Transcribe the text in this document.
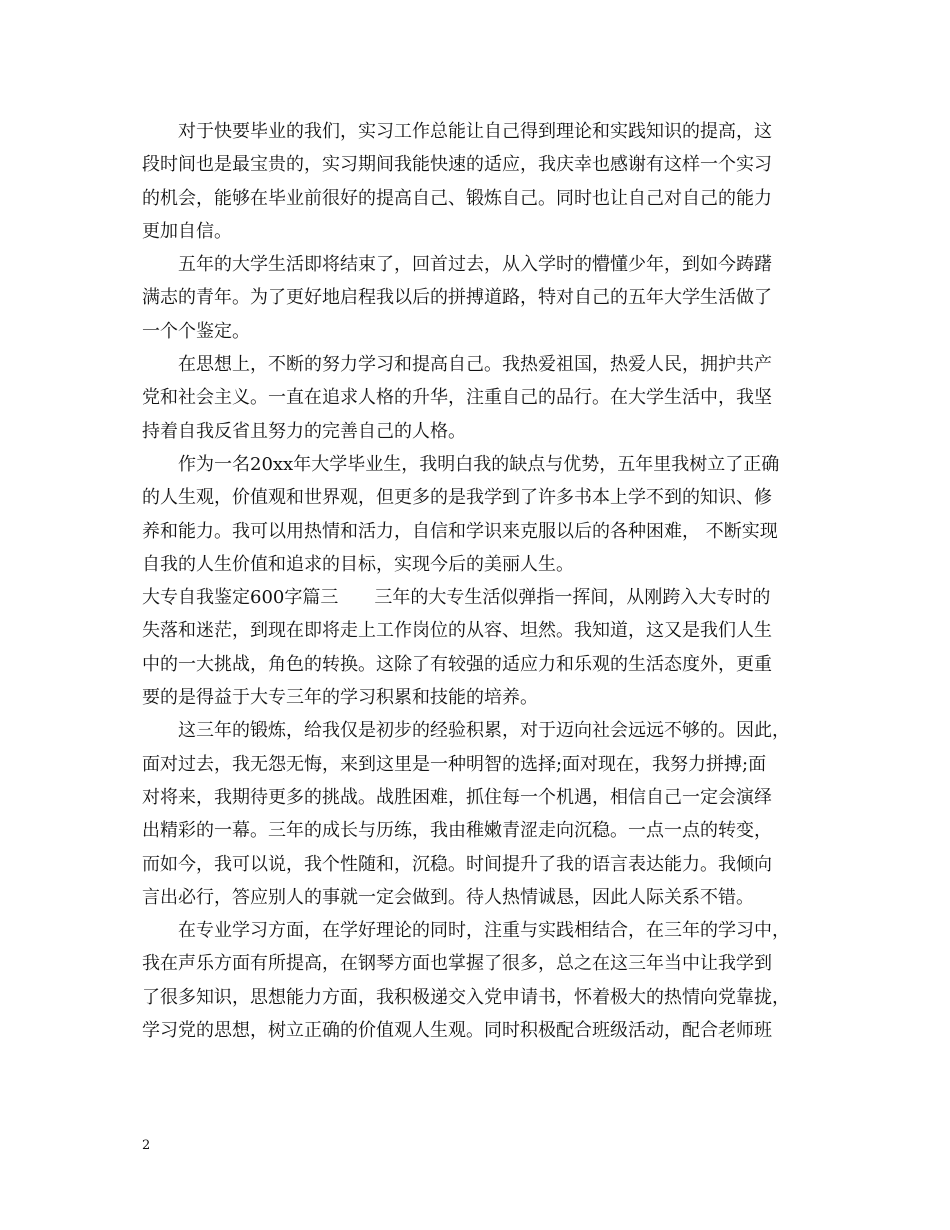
对于快要毕业的我们，实习工作总能让自己得到理论和实践知识的提高，这
段时间也是最宝贵的，实习期间我能快速的适应，我庆幸也感谢有这样一个实习
的机会，能够在毕业前很好的提高自己、锻炼自己。同时也让自己对自己的能力
更加自信。
五年的大学生活即将结束了，回首过去，从入学时的懵懂少年，到如今踌躇
满志的青年。为了更好地启程我以后的拼搏道路，特对自己的五年大学生活做了
一个个鉴定。
在思想上，不断的努力学习和提高自己。我热爱祖国，热爱人民，拥护共产
党和社会主义。一直在追求人格的升华，注重自己的品行。在大学生活中，我坚
持着自我反省且努力的完善自己的人格。
作为一名20xx年大学毕业生，我明白我的缺点与优势，五年里我树立了正确
的人生观，价值观和世界观，但更多的是我学到了许多书本上学不到的知识、修
养和能力。我可以用热情和活力，自信和学识来克服以后的各种困难， 不断实现
自我的人生价值和追求的目标，实现今后的美丽人生。
大专自我鉴定600字篇三　　三年的大专生活似弹指一挥间，从刚跨入大专时的
失落和迷茫，到现在即将走上工作岗位的从容、坦然。我知道，这又是我们人生
中的一大挑战，角色的转换。这除了有较强的适应力和乐观的生活态度外，更重
要的是得益于大专三年的学习积累和技能的培养。
这三年的锻炼，给我仅是初步的经验积累，对于迈向社会远远不够的。因此，
面对过去，我无怨无悔，来到这里是一种明智的选择;面对现在，我努力拼搏;面
对将来，我期待更多的挑战。战胜困难，抓住每一个机遇，相信自己一定会演绎
出精彩的一幕。三年的成长与历练，我由稚嫩青涩走向沉稳。一点一点的转变，
而如今，我可以说，我个性随和，沉稳。时间提升了我的语言表达能力。我倾向
言出必行，答应别人的事就一定会做到。待人热情诚恳，因此人际关系不错。
在专业学习方面，在学好理论的同时，注重与实践相结合，在三年的学习中，
我在声乐方面有所提高，在钢琴方面也掌握了很多，总之在这三年当中让我学到
了很多知识，思想能力方面，我积极递交入党申请书，怀着极大的热情向党靠拢，
学习党的思想，树立正确的价值观人生观。同时积极配合班级活动，配合老师班
2
